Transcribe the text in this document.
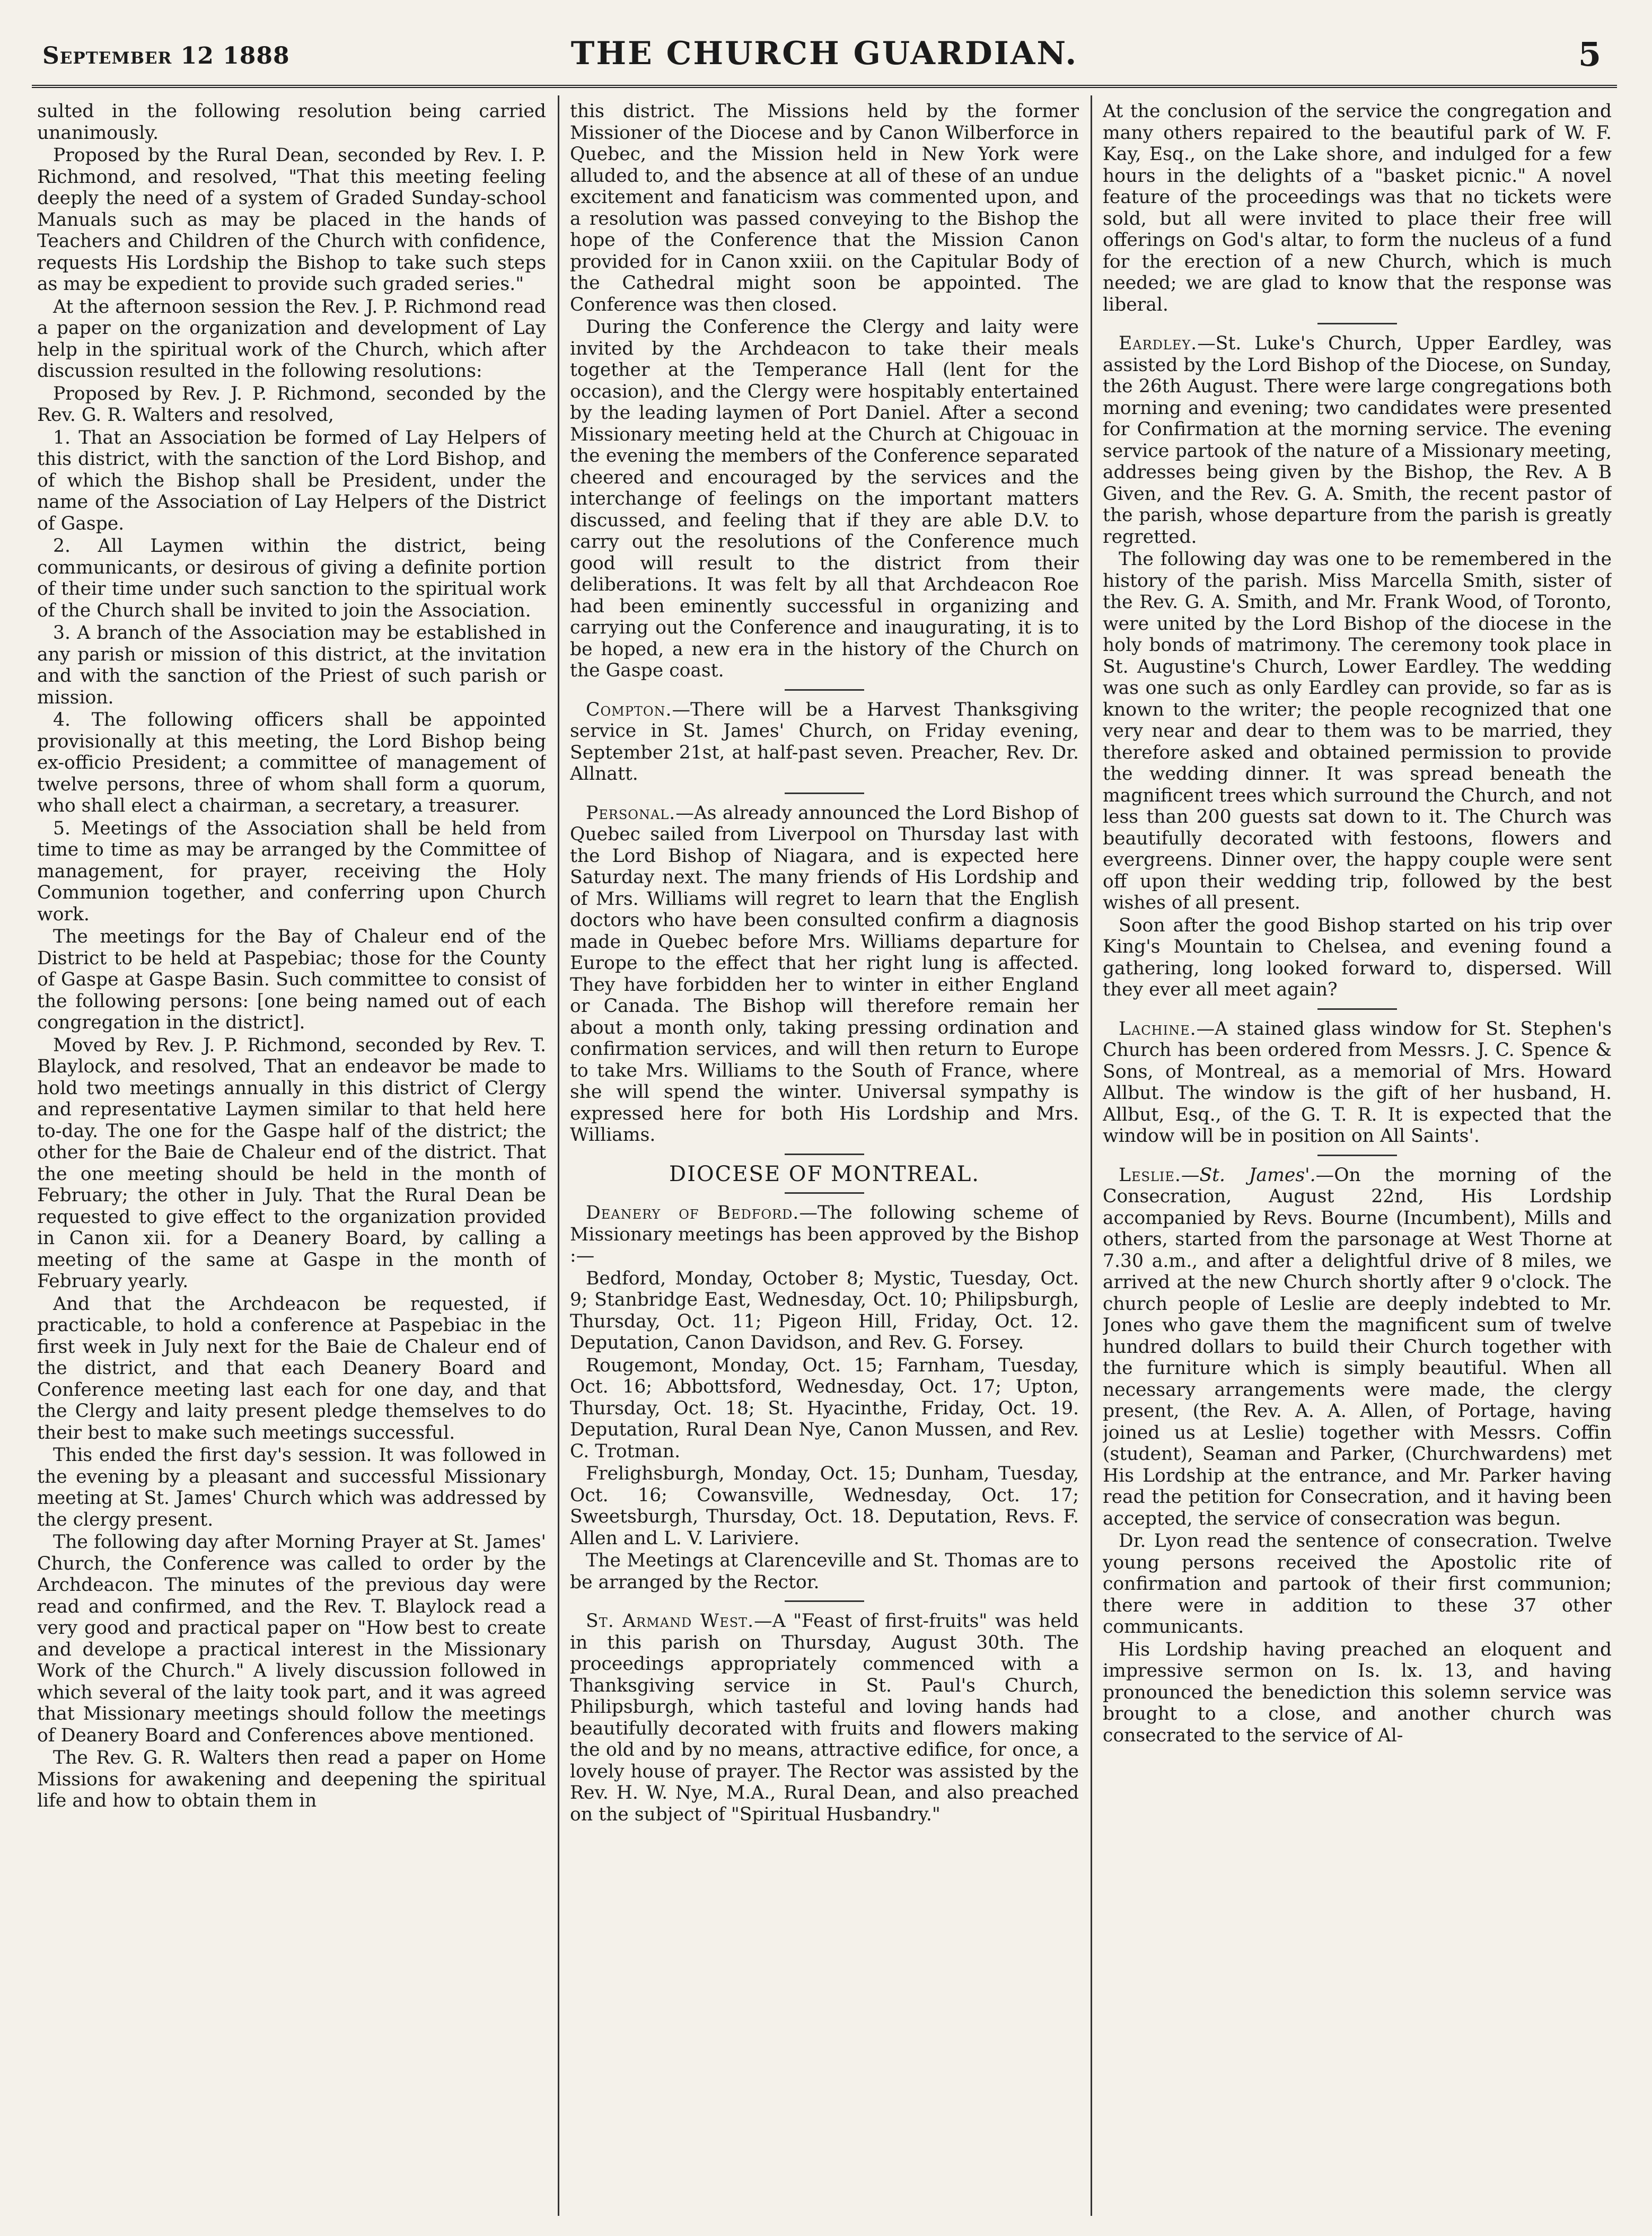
September 12 1888	THE CHURCH GUARDIAN.	5

sulted in the following resolution being carried unanimously.

Proposed by the Rural Dean, seconded by Rev. I. P. Richmond, and resolved, "That this meeting feeling deeply the need of a system of Graded Sunday-school Manuals such as may be placed in the hands of Teachers and Children of the Church with confidence, requests His Lordship the Bishop to take such steps as may be expedient to provide such graded series."

At the afternoon session the Rev. J. P. Richmond read a paper on the organization and development of Lay help in the spiritual work of the Church, which after discussion resulted in the following resolutions:

Proposed by Rev. J. P. Richmond, seconded by the Rev. G. R. Walters and resolved,

1. That an Association be formed of Lay Helpers of this district, with the sanction of the Lord Bishop, and of which the Bishop shall be President, under the name of the Association of Lay Helpers of the District of Gaspe.

2. All Laymen within the district, being communicants, or desirous of giving a definite portion of their time under such sanction to the spiritual work of the Church shall be invited to join the Association.

3. A branch of the Association may be established in any parish or mission of this district, at the invitation and with the sanction of the Priest of such parish or mission.

4. The following officers shall be appointed provisionally at this meeting, the Lord Bishop being ex-officio President; a committee of management of twelve persons, three of whom shall form a quorum, who shall elect a chairman, a secretary, a treasurer.

5. Meetings of the Association shall be held from time to time as may be arranged by the Committee of management, for prayer, receiving the Holy Communion together, and conferring upon Church work.

The meetings for the Bay of Chaleur end of the District to be held at Paspebiac; those for the County of Gaspe at Gaspe Basin. Such committee to consist of the following persons: [one being named out of each congregation in the district].

Moved by Rev. J. P. Richmond, seconded by Rev. T. Blaylock, and resolved, That an endeavor be made to hold two meetings annually in this district of Clergy and representative Laymen similar to that held here to-day. The one for the Gaspe half of the district; the other for the Baie de Chaleur end of the district. That the one meeting should be held in the month of February; the other in July. That the Rural Dean be requested to give effect to the organization provided in Canon xii. for a Deanery Board, by calling a meeting of the same at Gaspe in the month of February yearly.

And that the Archdeacon be requested, if practicable, to hold a conference at Paspebiac in the first week in July next for the Baie de Chaleur end of the district, and that each Deanery Board and Conference meeting last each for one day, and that the Clergy and laity present pledge themselves to do their best to make such meetings successful.

This ended the first day's session. It was followed in the evening by a pleasant and successful Missionary meeting at St. James' Church which was addressed by the clergy present.

The following day after Morning Prayer at St. James' Church, the Conference was called to order by the Archdeacon. The minutes of the previous day were read and confirmed, and the Rev. T. Blaylock read a very good and practical paper on "How best to create and develope a practical interest in the Missionary Work of the Church." A lively discussion followed in which several of the laity took part, and it was agreed that Missionary meetings should follow the meetings of Deanery Board and Conferences above mentioned.

The Rev. G. R. Walters then read a paper on Home Missions for awakening and deepening the spiritual life and how to obtain them in

this district. The Missions held by the former Missioner of the Diocese and by Canon Wilberforce in Quebec, and the Mission held in New York were alluded to, and the absence at all of these of an undue excitement and fanaticism was commented upon, and a resolution was passed conveying to the Bishop the hope of the Conference that the Mission Canon provided for in Canon xxiii. on the Capitular Body of the Cathedral might soon be appointed. The Conference was then closed.

During the Conference the Clergy and laity were invited by the Archdeacon to take their meals together at the Temperance Hall (lent for the occasion), and the Clergy were hospitably entertained by the leading laymen of Port Daniel. After a second Missionary meeting held at the Church at Chigouac in the evening the members of the Conference separated cheered and encouraged by the services and the interchange of feelings on the important matters discussed, and feeling that if they are able D.V. to carry out the resolutions of the Conference much good will result to the district from their deliberations. It was felt by all that Archdeacon Roe had been eminently successful in organizing and carrying out the Conference and inaugurating, it is to be hoped, a new era in the history of the Church on the Gaspe coast.

Compton.—There will be a Harvest Thanksgiving service in St. James' Church, on Friday evening, September 21st, at half-past seven. Preacher, Rev. Dr. Allnatt.

Personal.—As already announced the Lord Bishop of Quebec sailed from Liverpool on Thursday last with the Lord Bishop of Niagara, and is expected here Saturday next. The many friends of His Lordship and of Mrs. Williams will regret to learn that the English doctors who have been consulted confirm a diagnosis made in Quebec before Mrs. Williams departure for Europe to the effect that her right lung is affected. They have forbidden her to winter in either England or Canada. The Bishop will therefore remain her about a month only, taking pressing ordination and confirmation services, and will then return to Europe to take Mrs. Williams to the South of France, where she will spend the winter. Universal sympathy is expressed here for both His Lordship and Mrs. Williams.

DIOCESE OF MONTREAL.

Deanery of Bedford.—The following scheme of Missionary meetings has been approved by the Bishop :—

Bedford, Monday, October 8; Mystic, Tuesday, Oct. 9; Stanbridge East, Wednesday, Oct. 10; Philipsburgh, Thursday, Oct. 11; Pigeon Hill, Friday, Oct. 12. Deputation, Canon Davidson, and Rev. G. Forsey.

Rougemont, Monday, Oct. 15; Farnham, Tuesday, Oct. 16; Abbottsford, Wednesday, Oct. 17; Upton, Thursday, Oct. 18; St. Hyacinthe, Friday, Oct. 19. Deputation, Rural Dean Nye, Canon Mussen, and Rev. C. Trotman.

Frelighsburgh, Monday, Oct. 15; Dunham, Tuesday, Oct. 16; Cowansville, Wednesday, Oct. 17; Sweetsburgh, Thursday, Oct. 18. Deputation, Revs. F. Allen and L. V. Lariviere.

The Meetings at Clarenceville and St. Thomas are to be arranged by the Rector.

St. Armand West.—A "Feast of first-fruits" was held in this parish on Thursday, August 30th. The proceedings appropriately commenced with a Thanksgiving service in St. Paul's Church, Philipsburgh, which tasteful and loving hands had beautifully decorated with fruits and flowers making the old and by no means, attractive edifice, for once, a lovely house of prayer. The Rector was assisted by the Rev. H. W. Nye, M.A., Rural Dean, and also preached on the subject of "Spiritual Husbandry."

At the conclusion of the service the congregation and many others repaired to the beautiful park of W. F. Kay, Esq., on the Lake shore, and indulged for a few hours in the delights of a "basket picnic." A novel feature of the proceedings was that no tickets were sold, but all were invited to place their free will offerings on God's altar, to form the nucleus of a fund for the erection of a new Church, which is much needed; we are glad to know that the response was liberal.

Eardley.—St. Luke's Church, Upper Eardley, was assisted by the Lord Bishop of the Diocese, on Sunday, the 26th August. There were large congregations both morning and evening; two candidates were presented for Confirmation at the morning service. The evening service partook of the nature of a Missionary meeting, addresses being given by the Bishop, the Rev. A B Given, and the Rev. G. A. Smith, the recent pastor of the parish, whose departure from the parish is greatly regretted.

The following day was one to be remembered in the history of the parish. Miss Marcella Smith, sister of the Rev. G. A. Smith, and Mr. Frank Wood, of Toronto, were united by the Lord Bishop of the diocese in the holy bonds of matrimony. The ceremony took place in St. Augustine's Church, Lower Eardley. The wedding was one such as only Eardley can provide, so far as is known to the writer; the people recognized that one very near and dear to them was to be married, they therefore asked and obtained permission to provide the wedding dinner. It was spread beneath the magnificent trees which surround the Church, and not less than 200 guests sat down to it. The Church was beautifully decorated with festoons, flowers and evergreens. Dinner over, the happy couple were sent off upon their wedding trip, followed by the best wishes of all present.

Soon after the good Bishop started on his trip over King's Mountain to Chelsea, and evening found a gathering, long looked forward to, dispersed. Will they ever all meet again?

Lachine.—A stained glass window for St. Stephen's Church has been ordered from Messrs. J. C. Spence & Sons, of Montreal, as a memorial of Mrs. Howard Allbut. The window is the gift of her husband, H. Allbut, Esq., of the G. T. R. It is expected that the window will be in position on All Saints'.

Leslie.—St. James'.—On the morning of the Consecration, August 22nd, His Lordship accompanied by Revs. Bourne (Incumbent), Mills and others, started from the parsonage at West Thorne at 7.30 a.m., and after a delightful drive of 8 miles, we arrived at the new Church shortly after 9 o'clock. The church people of Leslie are deeply indebted to Mr. Jones who gave them the magnificent sum of twelve hundred dollars to build their Church together with the furniture which is simply beautiful. When all necessary arrangements were made, the clergy present, (the Rev. A. A. Allen, of Portage, having joined us at Leslie) together with Messrs. Coffin (student), Seaman and Parker, (Churchwardens) met His Lordship at the entrance, and Mr. Parker having read the petition for Consecration, and it having been accepted, the service of consecration was begun.

Dr. Lyon read the sentence of consecration. Twelve young persons received the Apostolic rite of confirmation and partook of their first communion; there were in addition to these 37 other communicants.

His Lordship having preached an eloquent and impressive sermon on Is. lx. 13, and having pronounced the benediction this solemn service was brought to a close, and another church was consecrated to the service of Al-
